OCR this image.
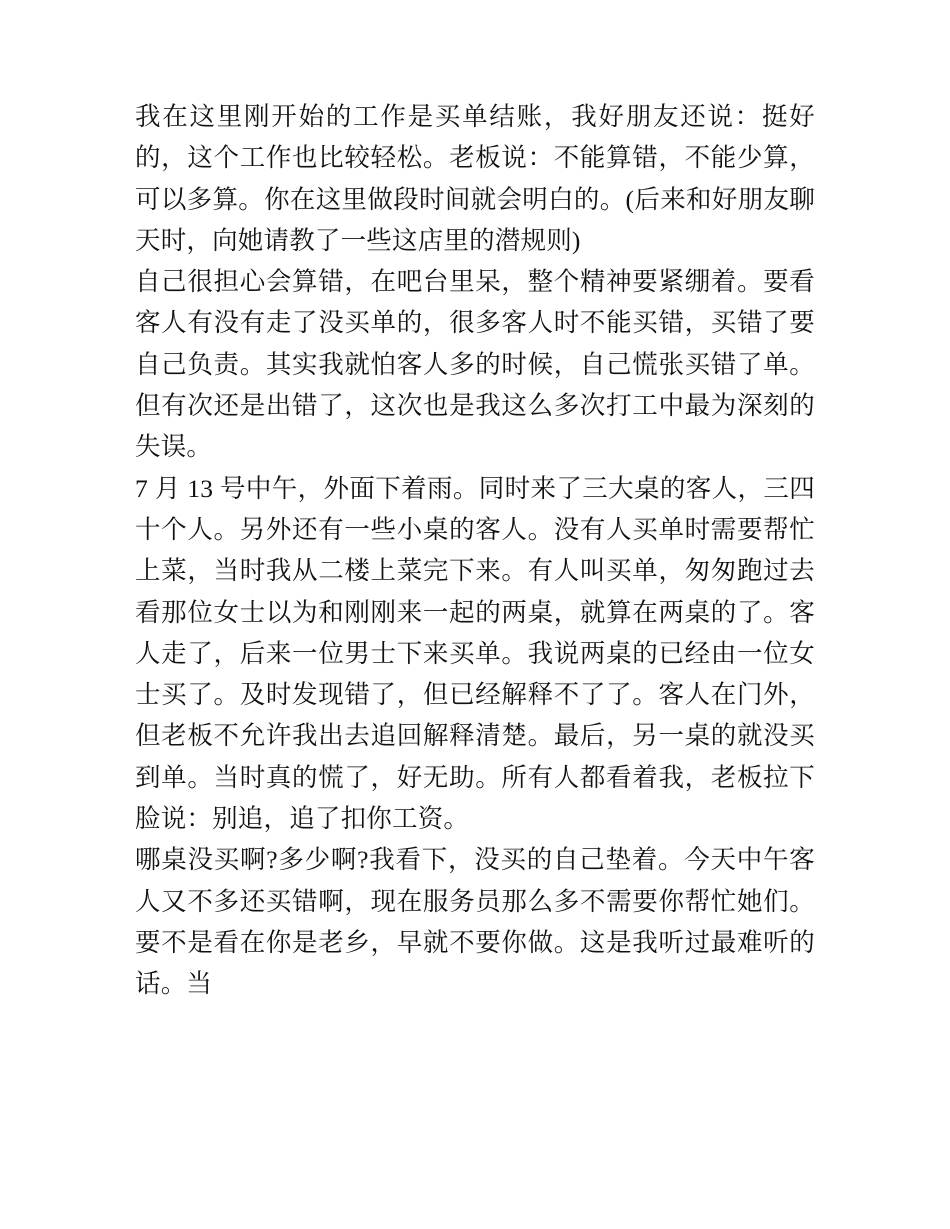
我在这里刚开始的工作是买单结账，我好朋友还说：挺好的，这个工作也比较轻松。老板说：不能算错，不能少算，可以多算。你在这里做段时间就会明白的。(后来和好朋友聊天时，向她请教了一些这店里的潜规则)

自己很担心会算错，在吧台里呆，整个精神要紧绷着。要看客人有没有走了没买单的，很多客人时不能买错，买错了要自己负责。其实我就怕客人多的时候，自己慌张买错了单。但有次还是出错了，这次也是我这么多次打工中最为深刻的失误。

7 月 13 号中午，外面下着雨。同时来了三大桌的客人，三四十个人。另外还有一些小桌的客人。没有人买单时需要帮忙上菜，当时我从二楼上菜完下来。有人叫买单，匆匆跑过去看那位女士以为和刚刚来一起的两桌，就算在两桌的了。客人走了，后来一位男士下来买单。我说两桌的已经由一位女士买了。及时发现错了，但已经解释不了了。客人在门外，但老板不允许我出去追回解释清楚。最后，另一桌的就没买到单。当时真的慌了，好无助。所有人都看着我，老板拉下脸说：别追，追了扣你工资。

哪桌没买啊?多少啊?我看下，没买的自己垫着。今天中午客人又不多还买错啊，现在服务员那么多不需要你帮忙她们。要不是看在你是老乡，早就不要你做。这是我听过最难听的话。当
